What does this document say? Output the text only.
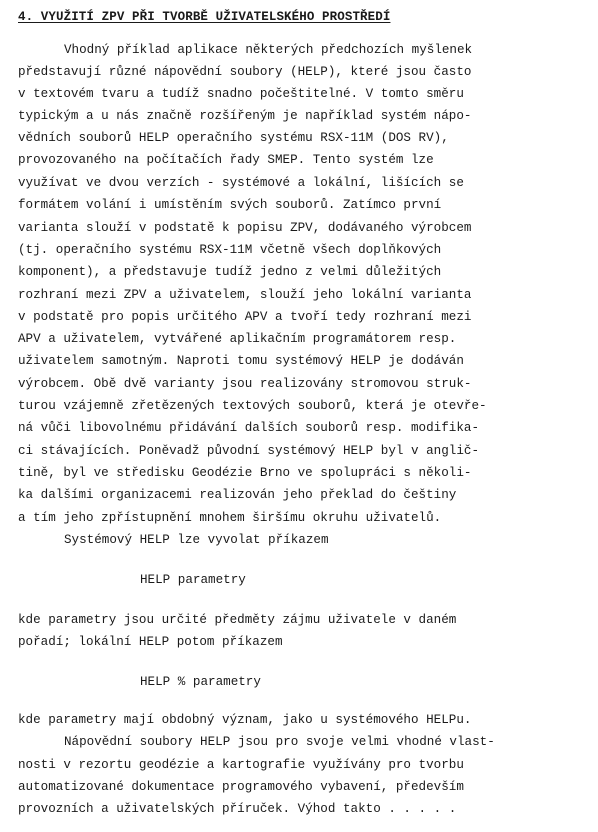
4. VYUŽITÍ ZPV PŘI TVORBĚ UŽIVATELSKÉHO PROSTŘEDÍ
Vhodný příklad aplikace některých předchozích myšlenek
představují různé nápovědní soubory (HELP), které jsou často
v textovém tvaru a tudíž snadno počeštitelné. V tomto směru
typickým a u nás značně rozšířeným je například systém nápo-
vědních souborů HELP operačního systému RSX-11M (DOS RV),
provozovaného na počítačích řady SMEP. Tento systém lze
využívat ve dvou verzích - systémové a lokální, lišících se
formátem volání i umístěním svých souborů. Zatímco první
varianta slouží v podstatě k popisu ZPV, dodávaného výrobcem
(tj. operačního systému RSX-11M včetně všech doplňkových
komponent), a představuje tudíž jedno z velmi důležitých
rozhraní mezi ZPV a uživatelem, slouží jeho lokální varianta
v podstatě pro popis určitého APV a tvoří tedy rozhraní mezi
APV a uživatelem, vytvářené aplikačním programátorem resp.
uživatelem samotným. Naproti tomu systémový HELP je dodáván
výrobcem. Obě dvě varianty jsou realizovány stromovou struk-
turou vzájemně zřetězených textových souborů, která je otevře-
ná vůči libovolnému přidávání dalších souborů resp. modifika-
ci stávajících. Poněvadž původní systémový HELP byl v anglič-
tině, byl ve středisku Geodézie Brno ve spolupráci s několi-
ka dalšími organizacemi realizován jeho překlad do češtiny
a tím jeho zpřístupnění mnohem širšímu okruhu uživatelů.
Systémový HELP lze vyvolat příkazem
HELP parametry
kde parametry jsou určité předměty zájmu uživatele v daném
pořadí; lokální HELP potom příkazem
HELP % parametry
kde parametry mají obdobný význam, jako u systémového HELPu.
Nápovědní soubory HELP jsou pro svoje velmi vhodné vlast-
nosti v rezortu geodézie a kartografie využívány pro tvorbu
automatizované dokumentace programového vybavení, především
provozních a uživatelských příruček. Výhod takto . . . . .
